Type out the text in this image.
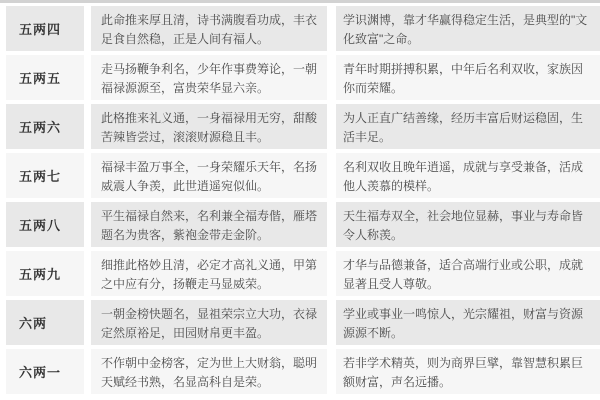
五两四
此命推来厚且清，诗书满腹看功成，丰衣足食自然稳，正是人间有福人。
学识渊博，靠才华赢得稳定生活，是典型的"文化致富"之命。
五两五
走马扬鞭争利名，少年作事费筹论，一朝福禄源源至，富贵荣华显六亲。
青年时期拼搏积累，中年后名利双收，家族因你而荣耀。
五两六
此格推来礼义通，一身福禄用无穷，甜酸苦辣皆尝过，滚滚财源稳且丰。
为人正直广结善缘，经历丰富后财运稳固，生活丰足。
五两七
福禄丰盈万事全，一身荣耀乐天年，名扬威震人争羡，此世逍遥宛似仙。
名利双收且晚年逍遥，成就与享受兼备，活成他人羡慕的模样。
五两八
平生福禄自然来，名利兼全福寿偕，雁塔题名为贵客，紫袍金带走金阶。
天生福寿双全，社会地位显赫，事业与寿命皆令人称羡。
五两九
细推此格妙且清，必定才高礼义通，甲第之中应有分，扬鞭走马显威荣。
才华与品德兼备，适合高端行业或公职，成就显著且受人尊敬。
六两
一朝金榜快题名，显祖荣宗立大功，衣禄定然原裕足，田园财帛更丰盈。
学业或事业一鸣惊人，光宗耀祖，财富与资源源源不断。
六两一
不作朝中金榜客，定为世上大财翁，聪明天赋经书熟，名显高科自是荣。
若非学术精英，则为商界巨擘，靠智慧积累巨额财富，声名远播。
